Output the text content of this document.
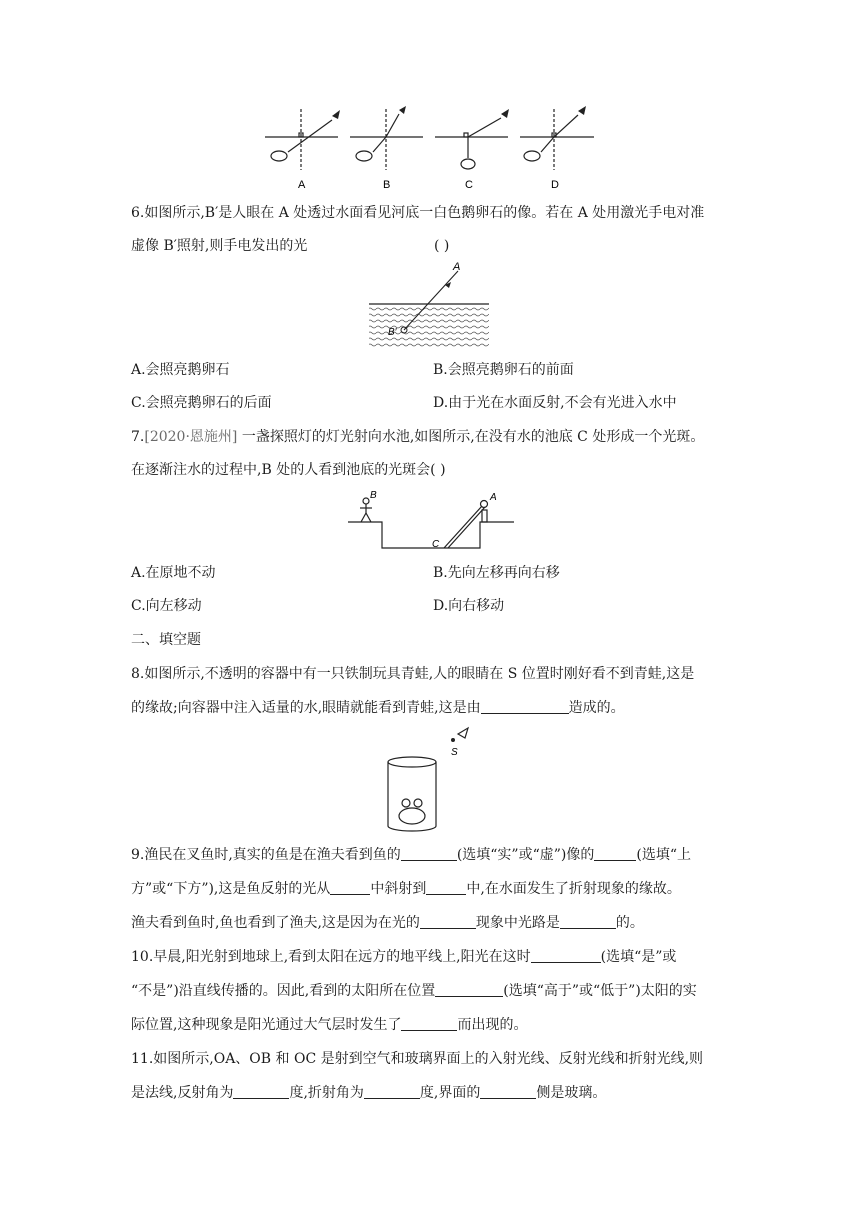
A	B	C	D
6.如图所示,B′是人眼在 A 处透过水面看见河底一白色鹅卵石的像。若在 A 处用激光手电对准
虚像 B′照射,则手电发出的光	( )
A
B′
A.会照亮鹅卵石	B.会照亮鹅卵石的前面
C.会照亮鹅卵石的后面	D.由于光在水面反射,不会有光进入水中
7.[2020·恩施州] 一盏探照灯的灯光射向水池,如图所示,在没有水的池底 C 处形成一个光斑。
在逐渐注水的过程中,B 处的人看到池底的光斑会( )
B	A
C
A.在原地不动	B.先向左移再向右移
C.向左移动	D.向右移动
二、填空题
8.如图所示,不透明的容器中有一只铁制玩具青蛙,人的眼睛在 S 位置时刚好看不到青蛙,这是
的缘故;向容器中注入适量的水,眼睛就能看到青蛙,这是由	造成的。
S
9.渔民在叉鱼时,真实的鱼是在渔夫看到鱼的	(选填“实”或“虚”)像的	(选填“上
方”或“下方”),这是鱼反射的光从	中斜射到	中,在水面发生了折射现象的缘故。
渔夫看到鱼时,鱼也看到了渔夫,这是因为在光的	现象中光路是	的。
10.早晨,阳光射到地球上,看到太阳在远方的地平线上,阳光在这时	(选填“是”或
“不是”)沿直线传播的。因此,看到的太阳所在位置	(选填“高于”或“低于”)太阳的实
际位置,这种现象是阳光通过大气层时发生了	而出现的。
11.如图所示,OA、OB 和 OC 是射到空气和玻璃界面上的入射光线、反射光线和折射光线,则
是法线,反射角为	度,折射角为	度,界面的	侧是玻璃。
